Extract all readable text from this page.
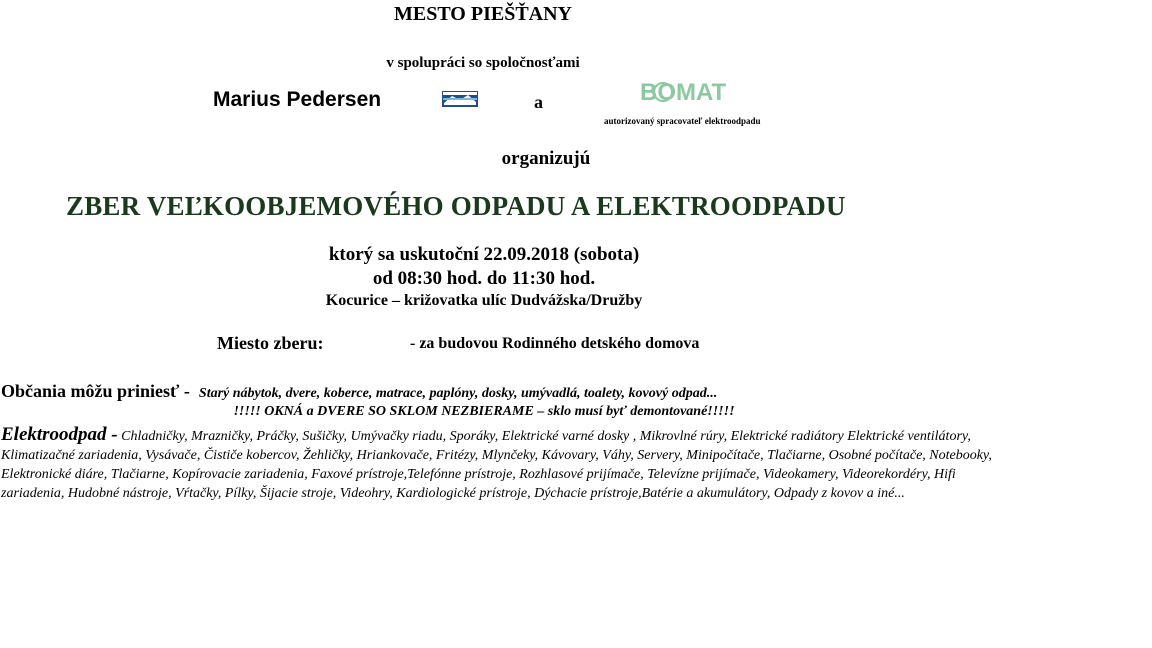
MESTO PIEŠŤANY
v spolupráci so spoločnosťami
Marius Pedersen	a	BOMAT
autorizovaný spracovateľ elektroodpadu
organizujú
ZBER VEĽKOOBJEMOVÉHO ODPADU A ELEKTROODPADU
ktorý sa uskutoční 22.09.2018 (sobota)
od 08:30 hod. do 11:30 hod.
Kocurice – križovatka ulíc Dudvážska/Družby
Miesto zberu:	- za budovou Rodinného detského domova
Občania môžu priniesť -  Starý nábytok, dvere, koberce, matrace, paplóny, dosky, umývadlá, toalety, kovový odpad...
!!!!! OKNÁ a DVERE SO SKLOM NEZBIERAME – sklo musí byť demontované!!!!!
Elektroodpad - Chladničky, Mrazničky, Práčky, Sušičky, Umývačky riadu, Sporáky, Elektrické varné dosky , Mikrovlné rúry, Elektrické radiátory Elektrické ventilátory, Klimatizačné zariadenia, Vysávače, Čističe kobercov, Žehličky, Hriankovače, Fritézy, Mlynčeky, Kávovary, Váhy, Servery, Minipočítače, Tlačiarne, Osobné počítače, Notebooky, Elektronické diáre, Tlačiarne, Kopírovacie zariadenia, Faxové prístroje,Telefónne prístroje, Rozhlasové prijímače, Televízne prijímače, Videokamery, Videorekordéry, Hifi zariadenia, Hudobné nástroje, Vŕtačky, Pílky, Šijacie stroje, Videohry, Kardiologické prístroje, Dýchacie prístroje,Batérie a akumulátory, Odpady z kovov a iné...
